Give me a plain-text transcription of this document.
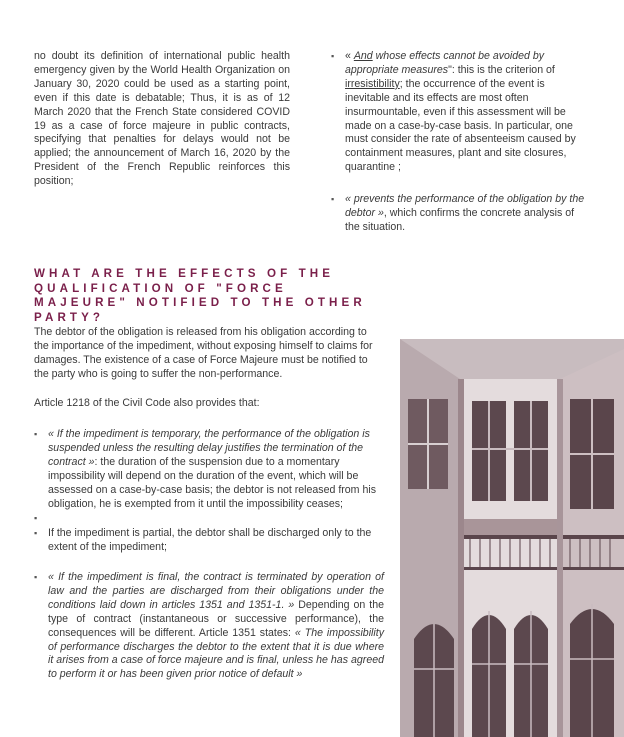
no doubt its definition of international public health emergency given by the World Health Organization on January 30, 2020 could be used as a starting point, even if this date is debatable; Thus, it is as of 12 March 2020 that the French State considered COVID 19 as a case of force majeure in public contracts, specifying that penalties for delays would not be applied; the announcement of March 16, 2020 by the President of the French Republic reinforces this position;

▪ « And whose effects cannot be avoided by appropriate measures": this is the criterion of irresistibility; the occurrence of the event is inevitable and its effects are most often insurmountable, even if this assessment will be made on a case-by-case basis. In particular, one must consider the rate of absenteeism caused by containment measures, plant and site closures, quarantine ;
▪ « prevents the performance of the obligation by the debtor », which confirms the concrete analysis of the situation.
WHAT ARE THE EFFECTS OF THE QUALIFICATION OF "FORCE MAJEURE" NOTIFIED TO THE OTHER PARTY?

The debtor of the obligation is released from his obligation according to the importance of the impediment, without exposing himself to claims for damages. The existence of a case of Force Majeure must be notified to the party who is going to suffer the non-performance.

Article 1218 of the Civil Code also provides that:

▪ « If the impediment is temporary, the performance of the obligation is suspended unless the resulting delay justifies the termination of the contract »: the duration of the suspension due to a momentary impossibility will depend on the duration of the event, which will be assessed on a case-by-case basis; the debtor is not released from his obligation, he is exempted from it until the impossibility ceases;
▪
▪ If the impediment is partial, the debtor shall be discharged only to the extent of the impediment;
▪ « If the impediment is final, the contract is terminated by operation of law and the parties are discharged from their obligations under the conditions laid down in articles 1351 and 1351-1. » Depending on the type of contract (instantaneous or successive performance), the consequences will be different. Article 1351 states: « The impossibility of performance discharges the debtor to the extent that it is due where it arises from a case of force majeure and is final, unless he has agreed to perform it or has been given prior notice of default »
